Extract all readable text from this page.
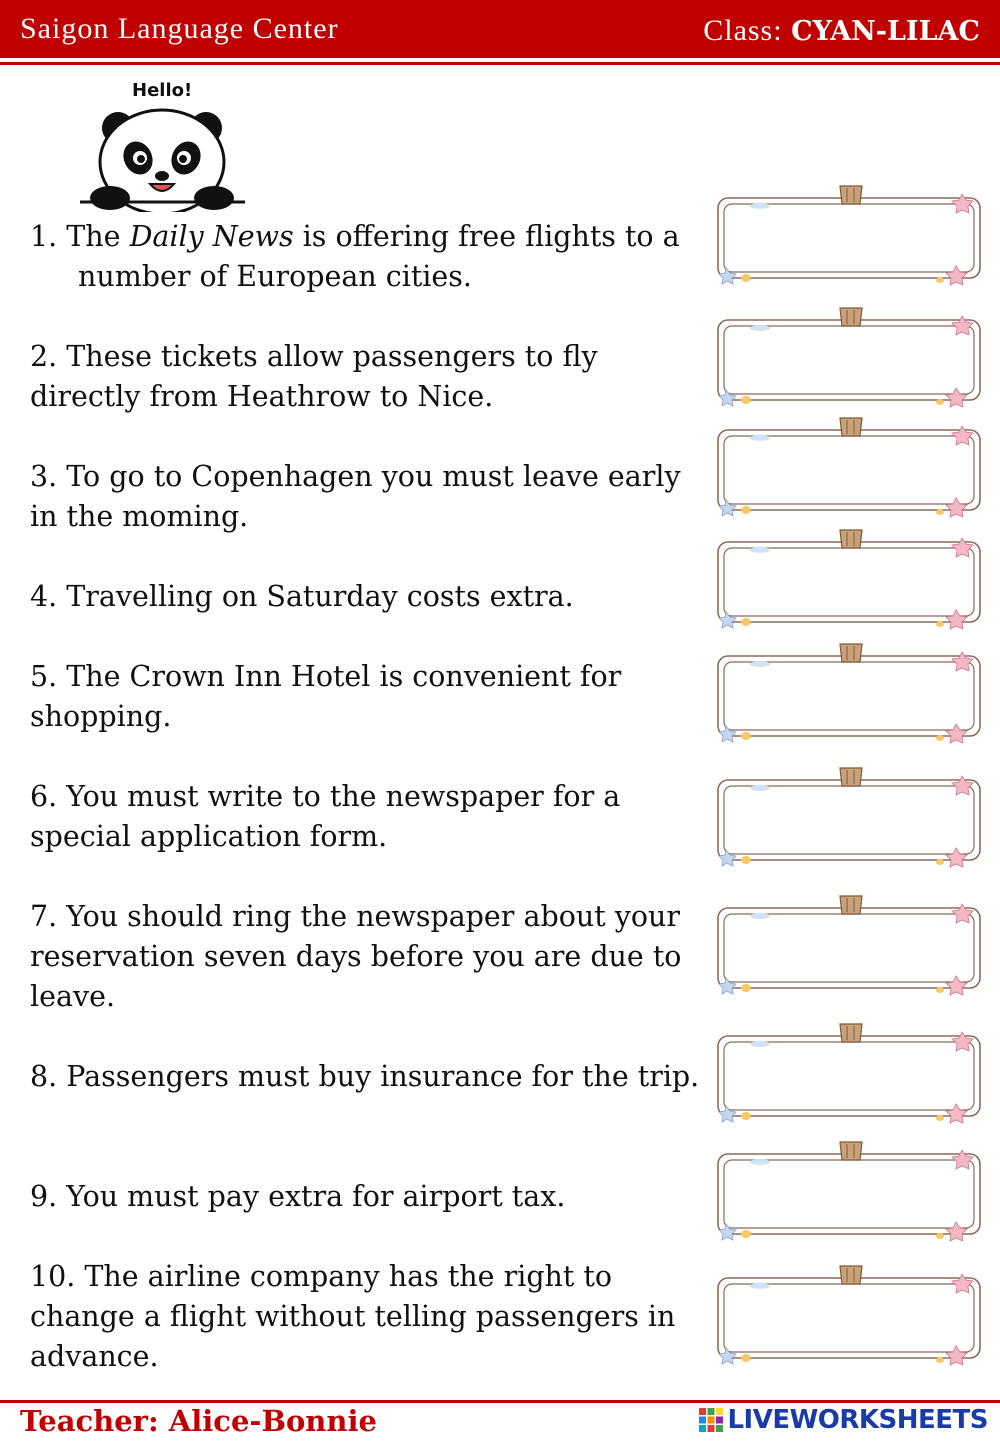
Saigon Language Center	Class: CYAN-LILAC
Hello!
1. The Daily News is offering free flights to a number of European cities.
2. These tickets allow passengers to fly directly from Heathrow to Nice.
3. To go to Copenhagen you must leave early in the moming.
4. Travelling on Saturday costs extra.
5. The Crown Inn Hotel is convenient for shopping.
6. You must write to the newspaper for a special application form.
7. You should ring the newspaper about your reservation seven days before you are due to leave.
8. Passengers must buy insurance for the trip.
9. You must pay extra for airport tax.
10. The airline company has the right to change a flight without telling passengers in advance.
Teacher: Alice-Bonnie	LIVEWORKSHEETS
